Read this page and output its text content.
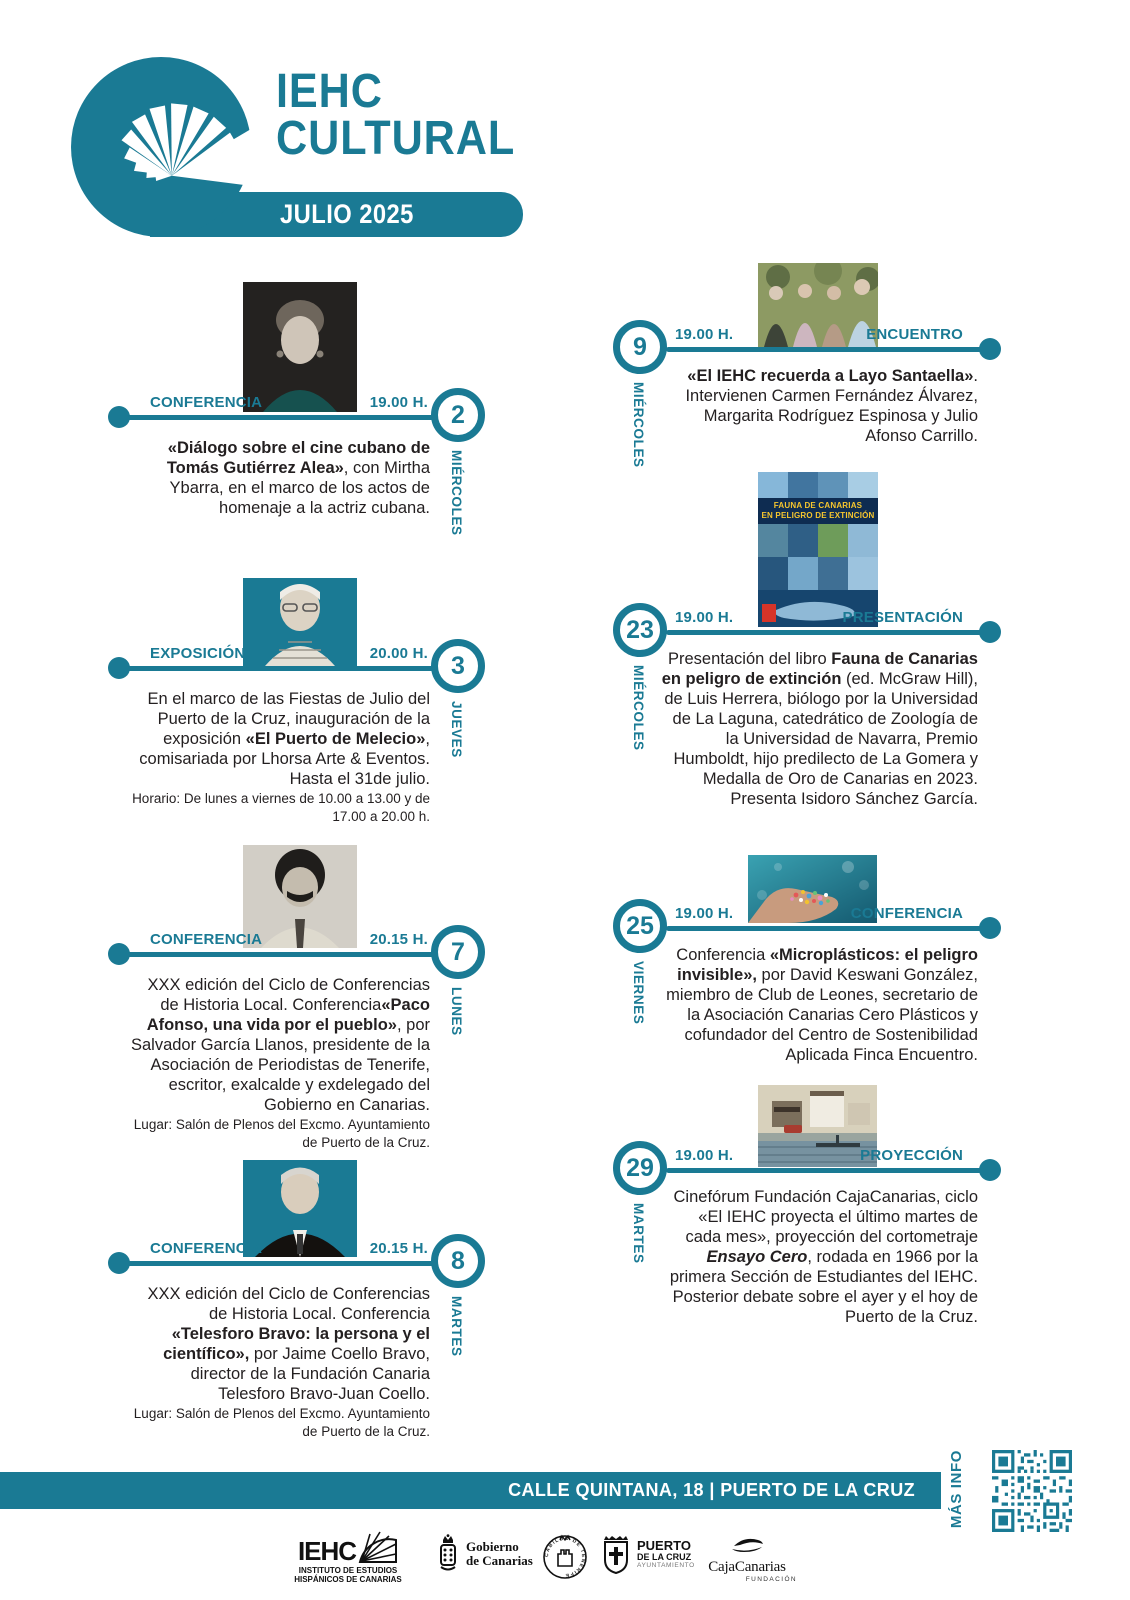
IEHC
CULTURAL
JULIO 2025
CONFERENCIA	19.00 H. 2
MIÉRCOLES
«Diálogo sobre el cine cubano de Tomás Gutiérrez Alea», con Mirtha Ybarra, en el marco de los actos de homenaje a la actriz cubana.
EXPOSICIÓN	20.00 H. 3
JUEVES
En el marco de las Fiestas de Julio del Puerto de la Cruz, inauguración de la exposición «El Puerto de Melecio», comisariada por Lhorsa Arte & Eventos.
Hasta el 31de julio.
Horario: De lunes a viernes de 10.00 a 13.00 y de 17.00 a 20.00 h.
CONFERENCIA	20.15 H. 7
LUNES
XXX edición del Ciclo de Conferencias de Historia Local. Conferencia«Paco Afonso, una vida por el pueblo», por Salvador García Llanos, presidente de la Asociación de Periodistas de Tenerife, escritor, exalcalde y exdelegado del Gobierno en Canarias.
Lugar: Salón de Plenos del Excmo. Ayuntamiento de Puerto de la Cruz.
CONFERENCIA	20.15 H. 8
MARTES
XXX edición del Ciclo de Conferencias de Historia Local. Conferencia «Telesforo Bravo: la persona y el científico», por Jaime Coello Bravo, director de la Fundación Canaria Telesforo Bravo-Juan Coello.
Lugar: Salón de Plenos del Excmo. Ayuntamiento de Puerto de la Cruz.
19.00 H.	ENCUENTRO
9
MIÉRCOLES
«El IEHC recuerda a Layo Santaella». Intervienen Carmen Fernández Álvarez, Margarita Rodríguez Espinosa y Julio Afonso Carrillo.
FAUNA DE CANARIAS
EN PELIGRO DE EXTINCIÓN
19.00 H.	PRESENTACIÓN
23
MIÉRCOLES
Presentación del libro Fauna de Canarias en peligro de extinción (ed. McGraw Hill), de Luis Herrera, biólogo por la Universidad de La Laguna, catedrático de Zoología de la Universidad de Navarra, Premio Humboldt, hijo predilecto de La Gomera y Medalla de Oro de Canarias en 2023. Presenta Isidoro Sánchez García.
19.00 H.	CONFERENCIA
25
VIERNES
Conferencia «Microplásticos: el peligro invisible», por David Keswani González, miembro de Club de Leones, secretario de la Asociación Canarias Cero Plásticos y cofundador del Centro de Sostenibilidad Aplicada Finca Encuentro.
19.00 H.	PROYECCIÓN
29
MARTES
Cinefórum Fundación CajaCanarias, ciclo «El IEHC proyecta el último martes de cada mes», proyección del cortometraje Ensayo Cero, rodada en 1966 por la primera Sección de Estudiantes del IEHC. Posterior debate sobre el ayer y el hoy de Puerto de la Cruz.
CALLE QUINTANA, 18 | PUERTO DE LA CRUZ	MÁS INFO
IEHC
INSTITUTO DE ESTUDIOS
HISPÁNICOS DE CANARIAS
Gobierno
de Canarias CABILDO DE TENERIFE
PUERTO
DE LA CRUZ
AYUNTAMIENTO CajaCanarias
FUNDACIÓN
